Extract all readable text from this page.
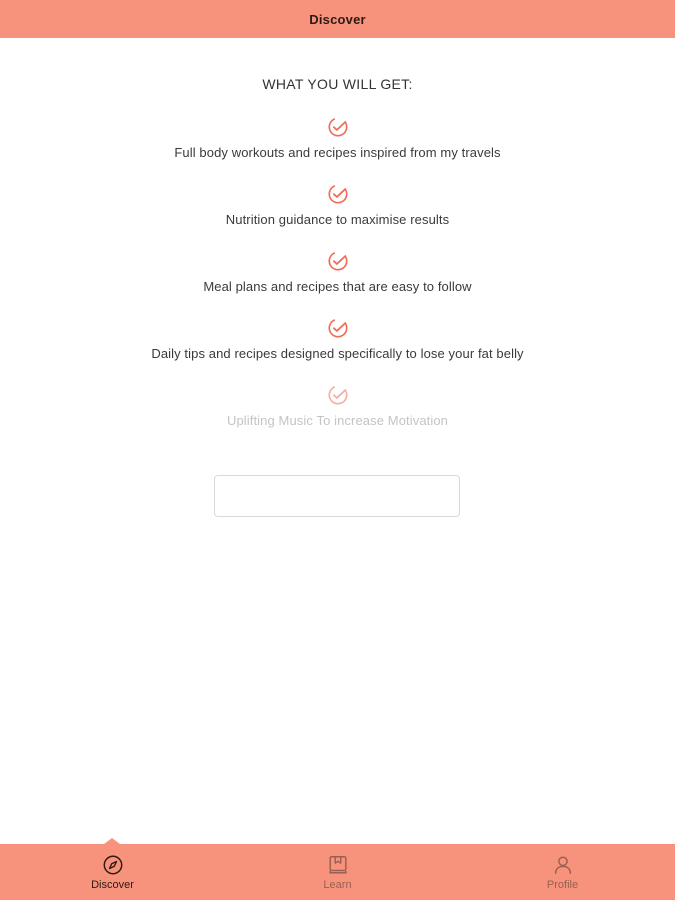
Discover
WHAT YOU WILL GET:
Full body workouts and recipes inspired from my travels
Nutrition guidance to maximise results
Meal plans and recipes that are easy to follow
Daily tips and recipes designed specifically to lose your fat belly
Uplifting Music To increase Motivation
Discover	Learn	Profile
